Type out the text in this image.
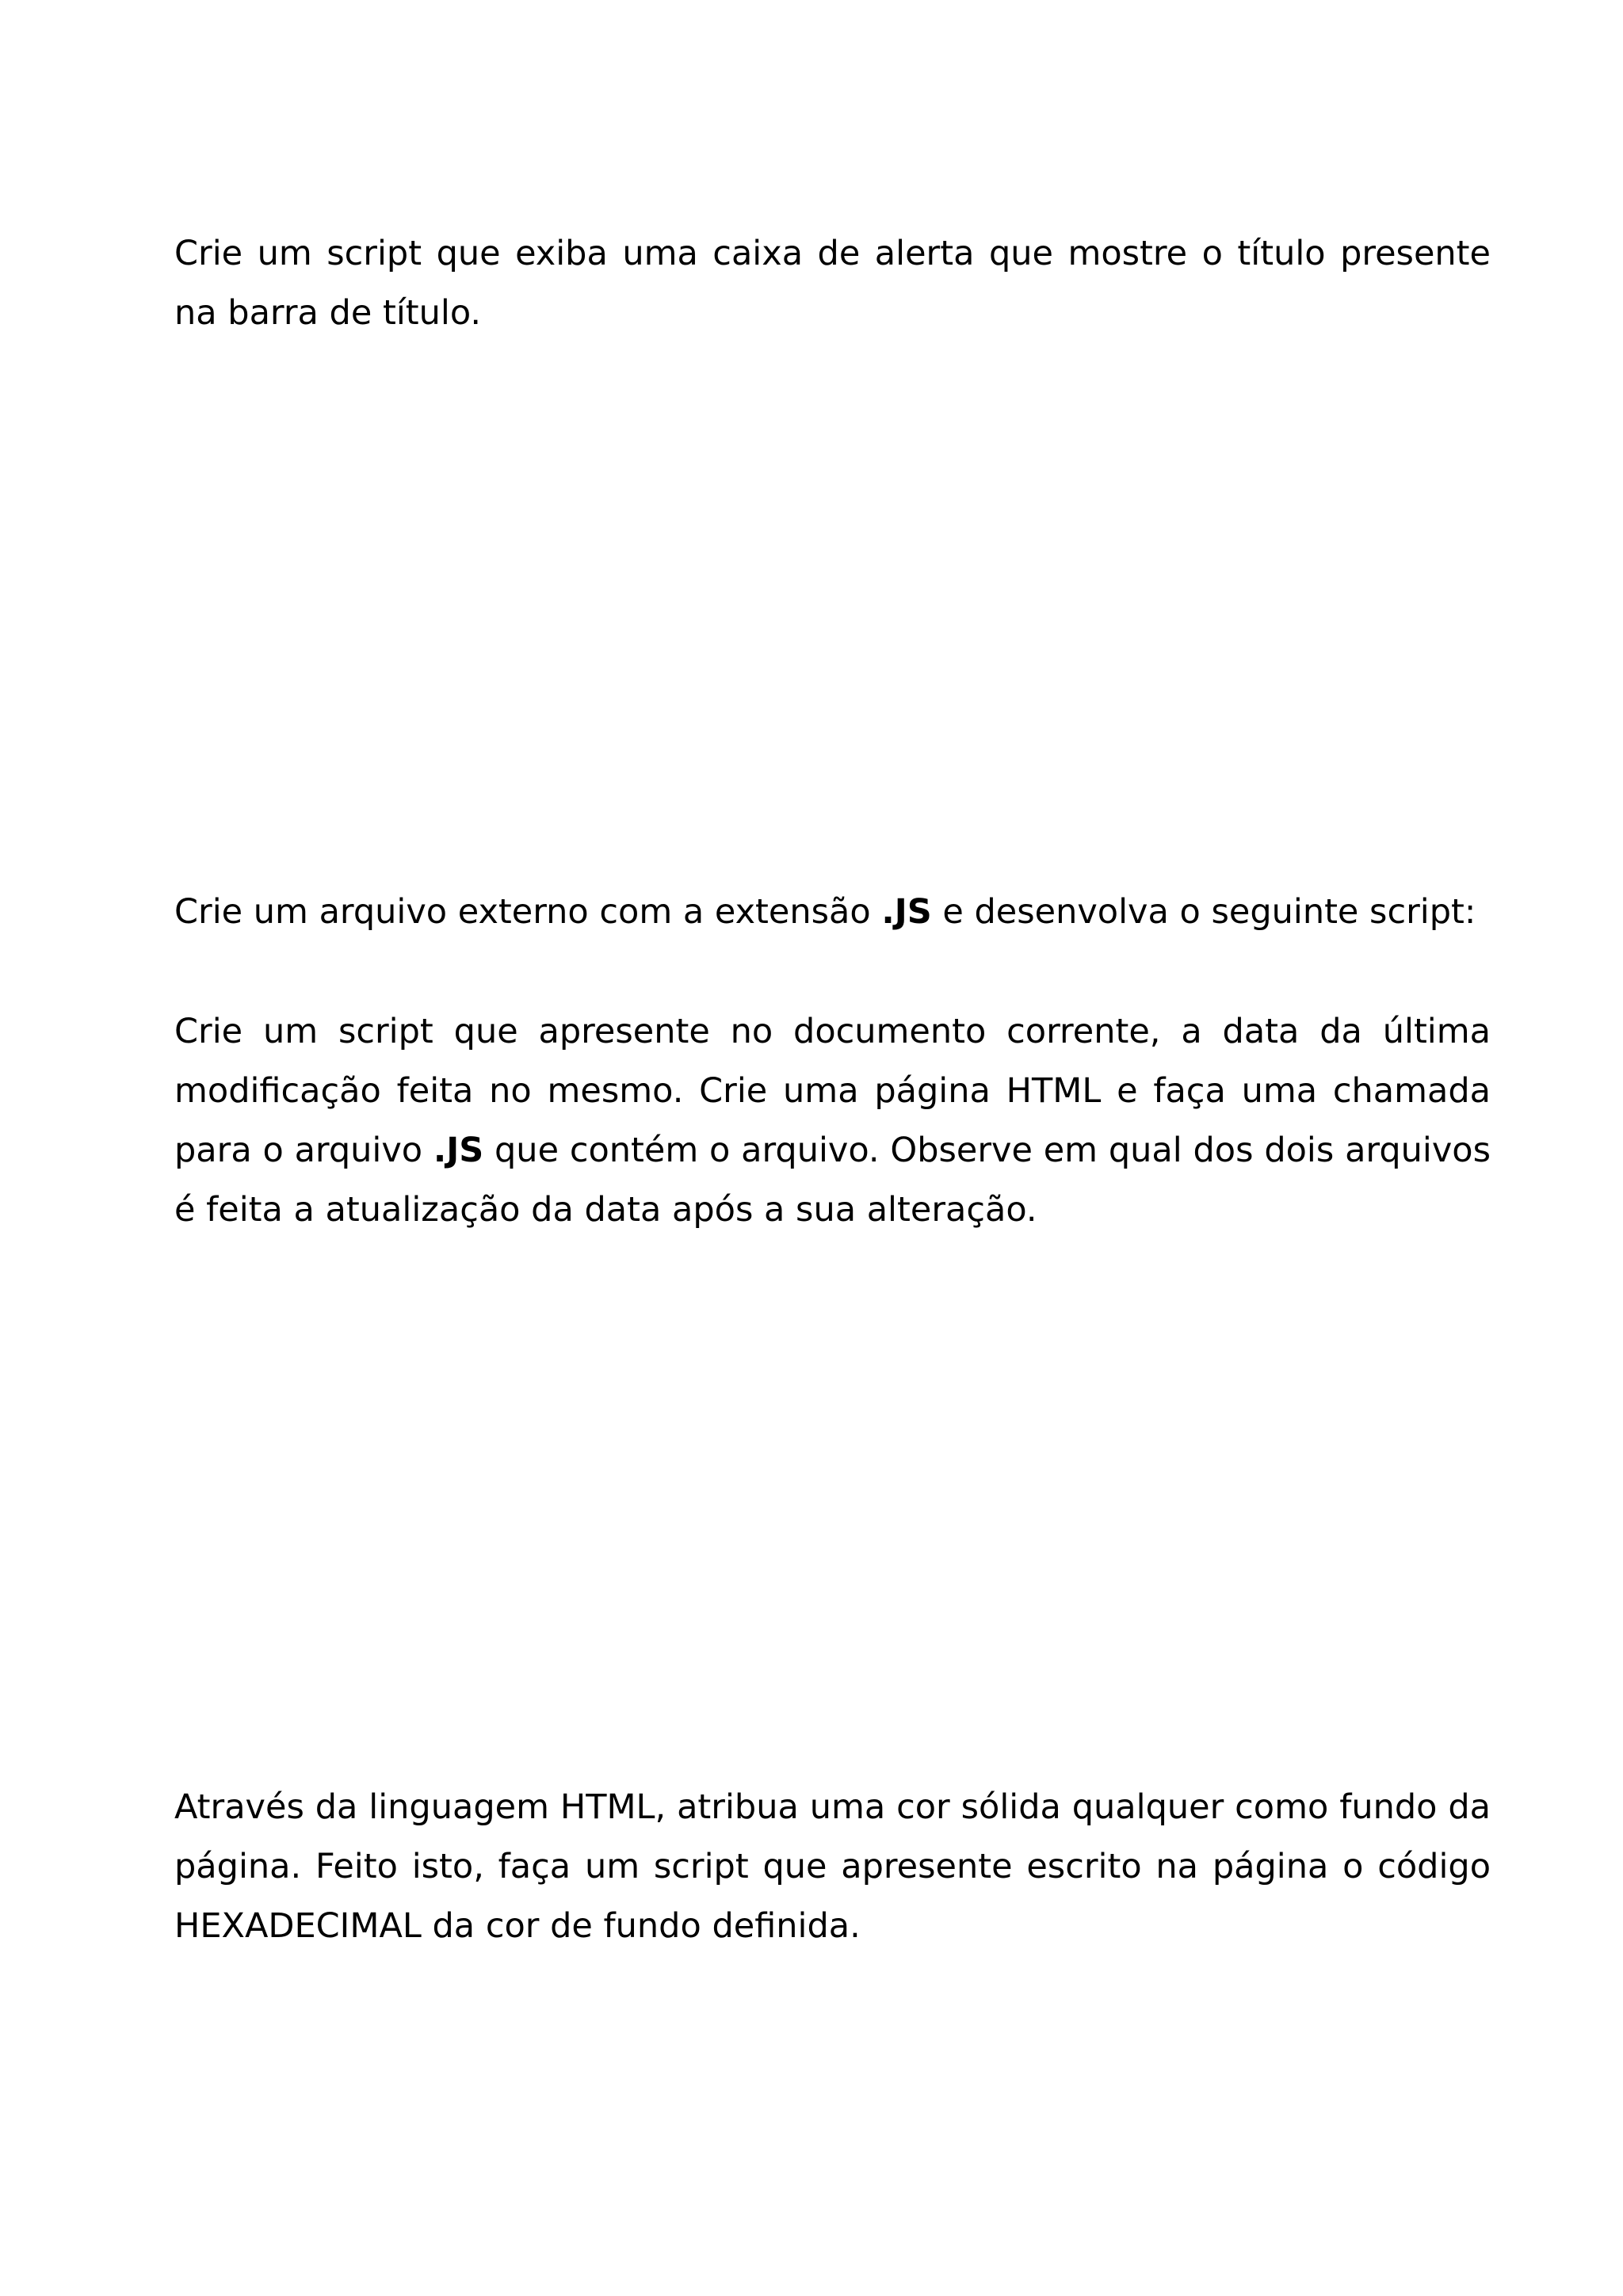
Crie um script que exiba uma caixa de alerta que mostre o título presente na barra de título.

Crie um arquivo externo com a extensão .JS e desenvolva o seguinte script:

Crie um script que apresente no documento corrente, a data da última modificação feita no mesmo. Crie uma página HTML e faça uma chamada para o arquivo .JS que contém o arquivo. Observe em qual dos dois arquivos é feita a atualização da data após a sua alteração.

Através da linguagem HTML, atribua uma cor sólida qualquer como fundo da página. Feito isto, faça um script que apresente escrito na página o código HEXADECIMAL da cor de fundo definida.
